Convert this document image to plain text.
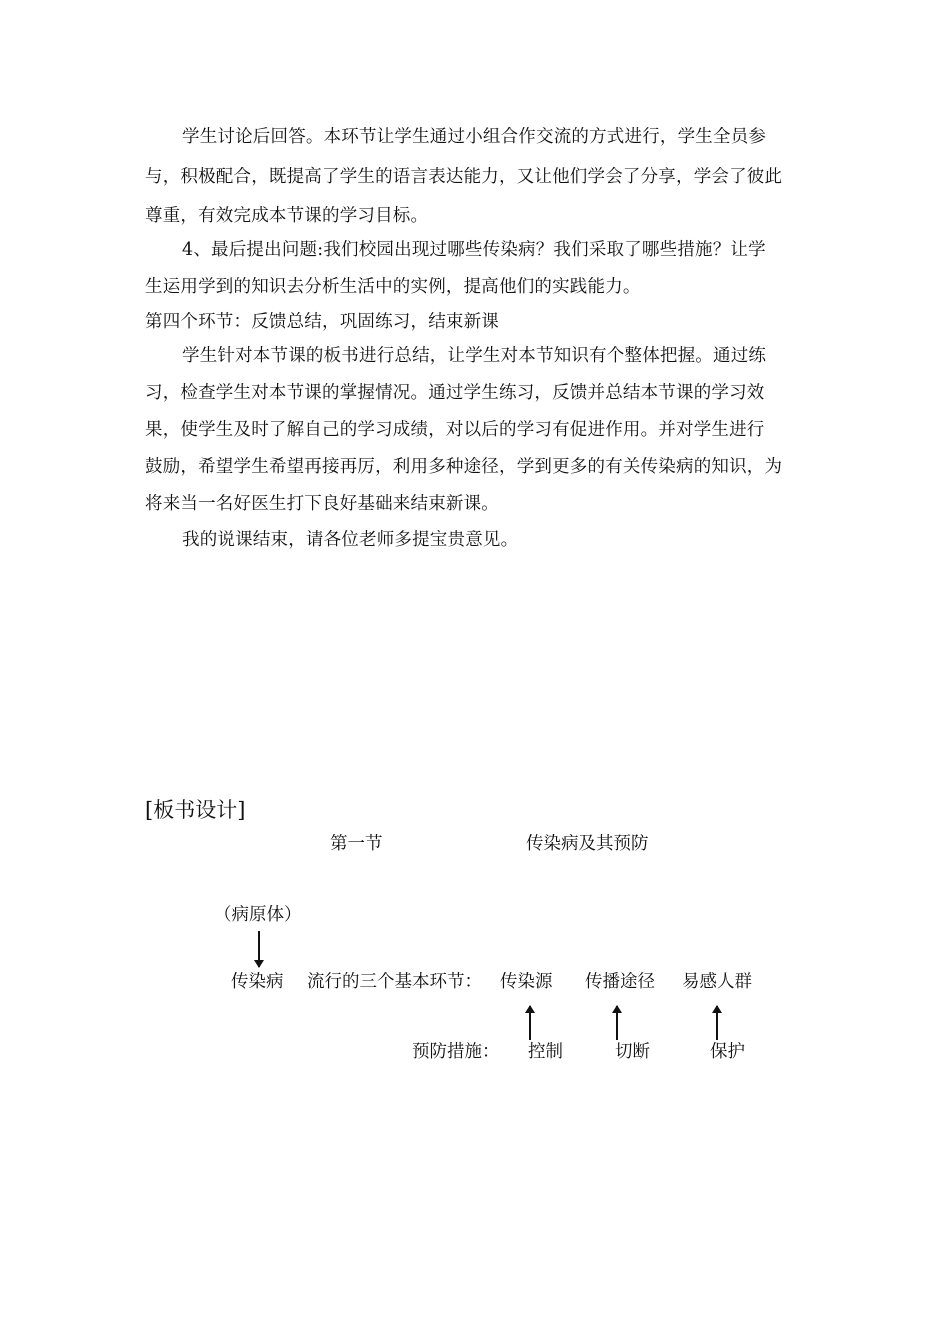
学生讨论后回答。本环节让学生通过小组合作交流的方式进行，学生全员参
与，积极配合，既提高了学生的语言表达能力，又让他们学会了分享，学会了彼此
尊重，有效完成本节课的学习目标。
4、最后提出问题:我们校园出现过哪些传染病？我们采取了哪些措施？让学
生运用学到的知识去分析生活中的实例，提高他们的实践能力。
第四个环节：反馈总结，巩固练习，结束新课
学生针对本节课的板书进行总结，让学生对本节知识有个整体把握。通过练
习，检查学生对本节课的掌握情况。通过学生练习，反馈并总结本节课的学习效
果，使学生及时了解自己的学习成绩，对以后的学习有促进作用。并对学生进行
鼓励，希望学生希望再接再厉，利用多种途径，学到更多的有关传染病的知识，为
将来当一名好医生打下良好基础来结束新课。
我的说课结束，请各位老师多提宝贵意见。
[板书设计]
第一节	传染病及其预防
（病原体）
传染病 流行的三个基本环节： 传染源 传播途径 易感人群
预防措施： 控制	切断	保护
